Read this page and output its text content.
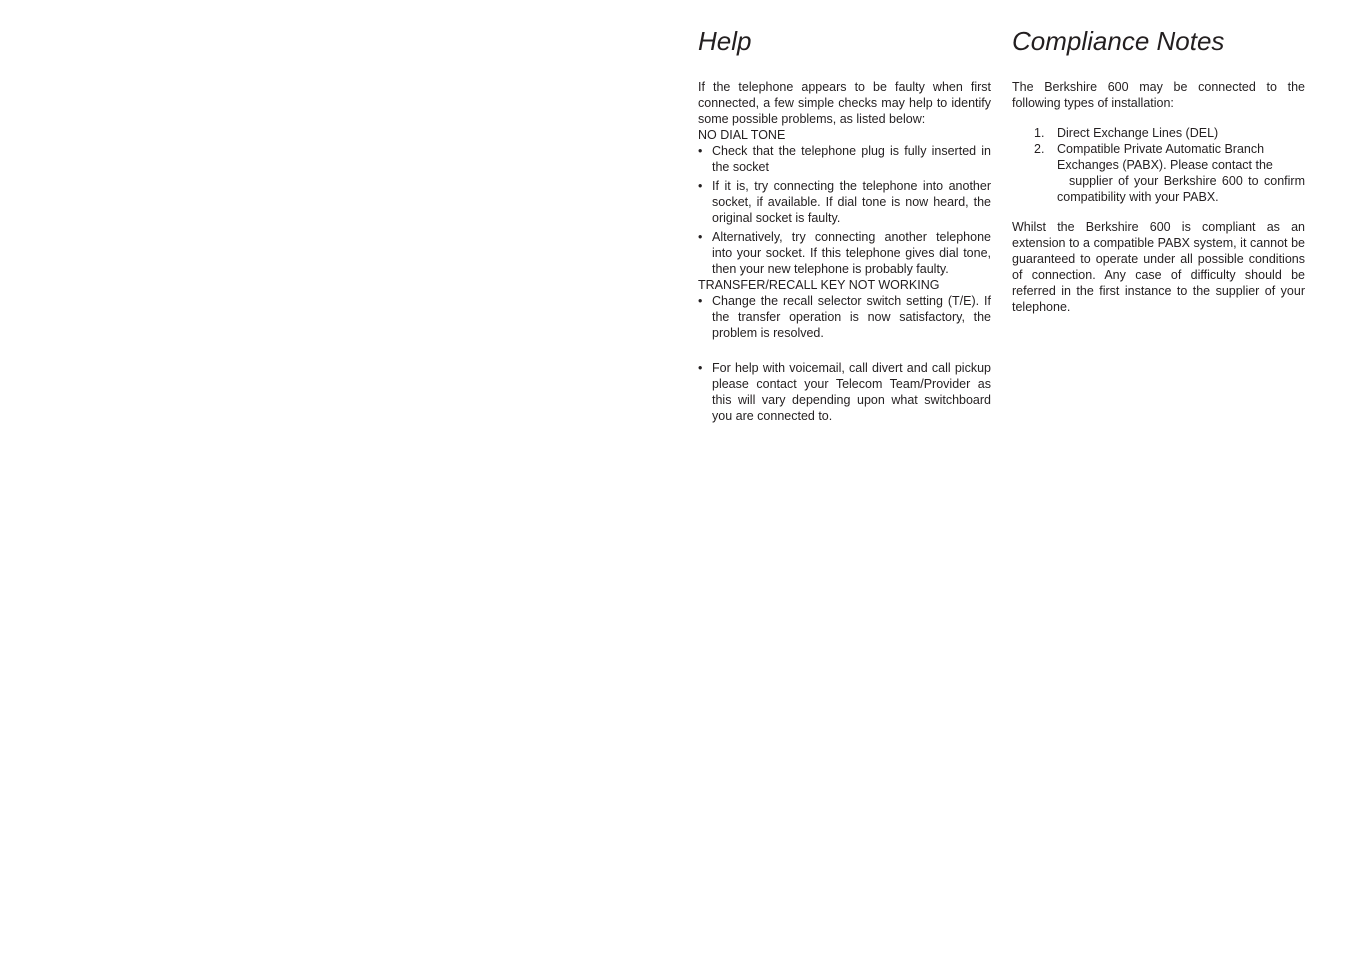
Help

If the telephone appears to be faulty when first connected, a few simple checks may help to identify some possible problems, as listed below:

NO DIAL TONE

• Check that the telephone plug is fully inserted in the socket
• If it is, try connecting the telephone into another socket, if available. If dial tone is now heard, the original socket is faulty.
• Alternatively, try connecting another telephone into your socket. If this telephone gives dial tone, then your new telephone is probably faulty.

TRANSFER/RECALL KEY NOT WORKING

• Change the recall selector switch setting (T/E). If the transfer operation is now satisfactory, the problem is resolved.
• For help with voicemail, call divert and call pickup please contact your Telecom Team/Provider as this will vary depending upon what switchboard you are connected to.
Compliance Notes

The Berkshire 600 may be connected to the following types of installation:

1. Direct Exchange Lines (DEL)
2. Compatible Private Automatic Branch
Exchanges (PABX). Please contact the
supplier of your Berkshire 600 to confirm
compatibility with your PABX.

Whilst the Berkshire 600 is compliant as an extension to a compatible PABX system, it cannot be guaranteed to operate under all possible conditions of connection. Any case of difficulty should be referred in the first instance to the supplier of your telephone.
